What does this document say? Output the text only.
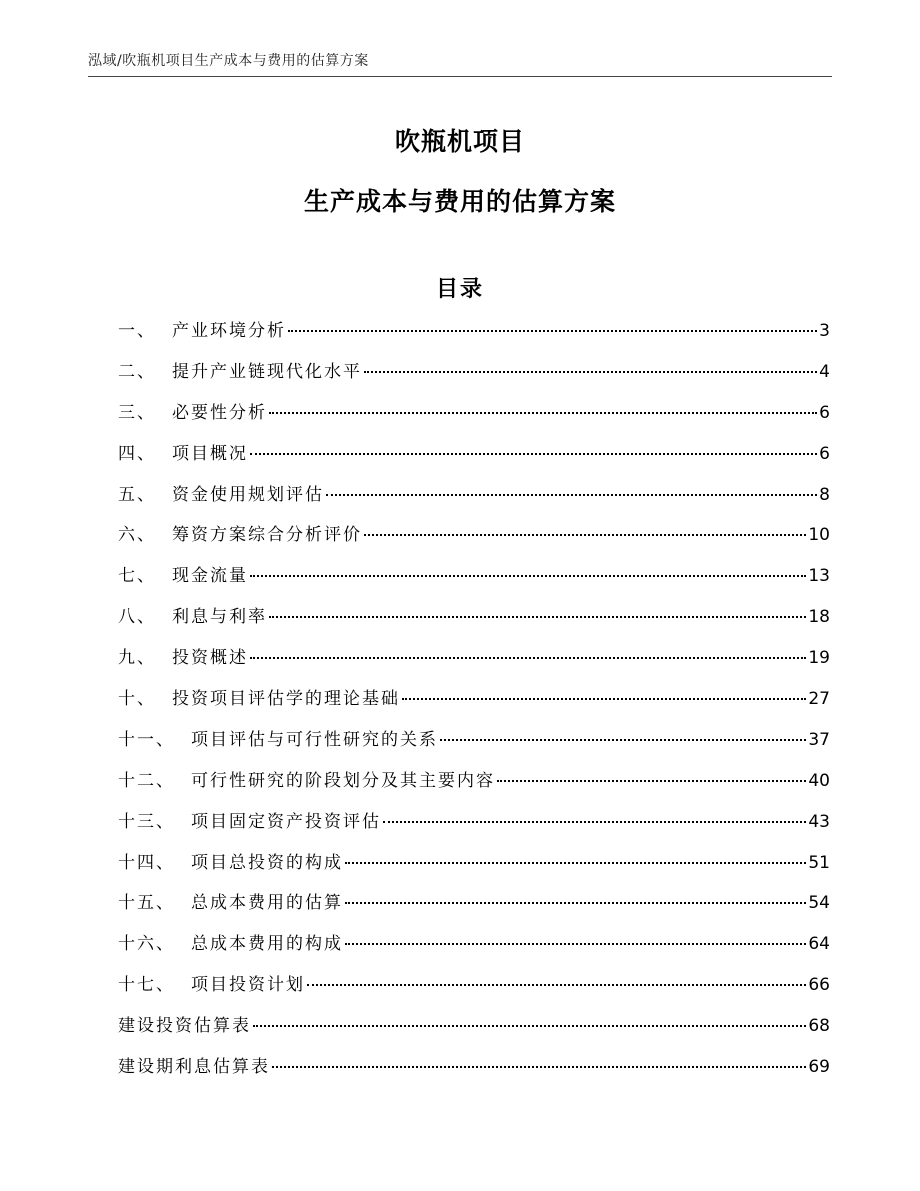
泓域/吹瓶机项目生产成本与费用的估算方案
吹瓶机项目
生产成本与费用的估算方案
目录
一、 产业环境分析	3
二、 提升产业链现代化水平	4
三、 必要性分析	6
四、 项目概况	6
五、 资金使用规划评估	8
六、 筹资方案综合分析评价	10
七、 现金流量	13
八、 利息与利率	18
九、 投资概述	19
十、 投资项目评估学的理论基础	27
十一、 项目评估与可行性研究的关系	37
十二、 可行性研究的阶段划分及其主要内容	40
十三、 项目固定资产投资评估	43
十四、 项目总投资的构成	51
十五、 总成本费用的估算	54
十六、 总成本费用的构成	64
十七、 项目投资计划	66
建设投资估算表	68
建设期利息估算表	69
